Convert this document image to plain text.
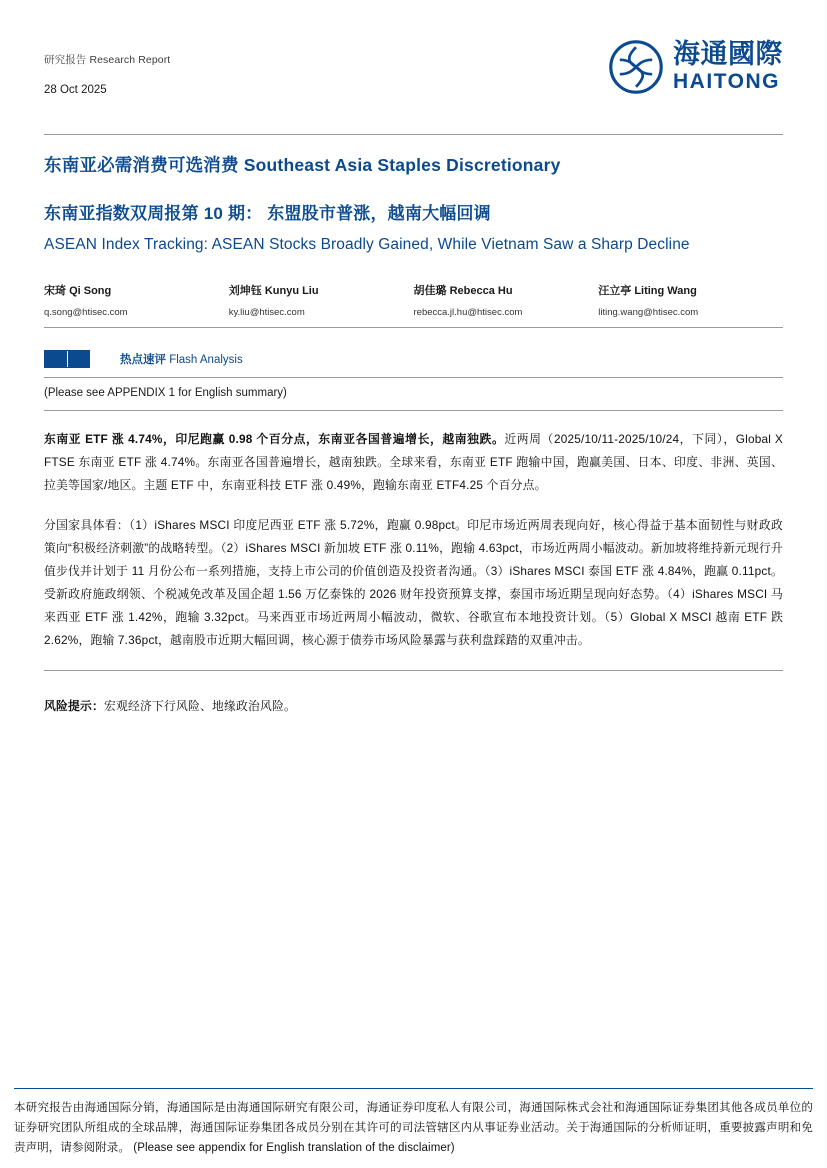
研究报告 Research Report
28 Oct 2025
海通國際
HAITONG
东南亚必需消费可选消费 Southeast Asia Staples Discretionary
东南亚指数双周报第 10 期： 东盟股市普涨，越南大幅回调
ASEAN Index Tracking: ASEAN Stocks Broadly Gained, While Vietnam Saw a Sharp Decline
宋琦 Qi Song
q.song@htisec.com
刘坤钰 Kunyu Liu
ky.liu@htisec.com
胡佳璐 Rebecca Hu
rebecca.jl.hu@htisec.com
汪立亭 Liting Wang
liting.wang@htisec.com
热点速评 Flash Analysis
(Please see APPENDIX 1 for English summary)
东南亚 ETF 涨 4.74%，印尼跑赢 0.98 个百分点，东南亚各国普遍增长，越南独跌。近两周（2025/10/11-2025/10/24，下同），Global X FTSE 东南亚 ETF 涨 4.74%。东南亚各国普遍增长，越南独跌。全球来看，东南亚 ETF 跑输中国，跑赢美国、日本、印度、非洲、英国、拉美等国家/地区。主题 ETF 中，东南亚科技 ETF 涨 0.49%，跑输东南亚 ETF4.25 个百分点。
分国家具体看：（1）iShares MSCI 印度尼西亚 ETF 涨 5.72%，跑赢 0.98pct。印尼市场近两周表现向好，核心得益于基本面韧性与财政政策向“积极经济刺激”的战略转型。（2）iShares MSCI 新加坡 ETF 涨 0.11%，跑输 4.63pct，市场近两周小幅波动。新加坡将维持新元现行升值步伐并计划于 11 月份公布一系列措施，支持上市公司的价值创造及投资者沟通。（3）iShares MSCI 泰国 ETF 涨 4.84%，跑赢 0.11pct。受新政府施政纲领、个税减免改革及国企超 1.56 万亿泰铢的 2026 财年投资预算支撑，泰国市场近期呈现向好态势。（4）iShares MSCI 马来西亚 ETF 涨 1.42%，跑输 3.32pct。马来西亚市场近两周小幅波动，微软、谷歌宣布本地投资计划。（5）Global X MSCI 越南 ETF 跌 2.62%，跑输 7.36pct，越南股市近期大幅回调，核心源于债券市场风险暴露与获利盘踩踏的双重冲击。
风险提示：宏观经济下行风险、地缘政治风险。
本研究报告由海通国际分销，海通国际是由海通国际研究有限公司，海通证券印度私人有限公司，海通国际株式会社和海通国际证券集团其他各成员单位的证券研究团队所组成的全球品牌，海通国际证券集团各成员分别在其许可的司法管辖区内从事证券业活动。关于海通国际的分析师证明，重要披露声明和免责声明，请参阅附录。 (Please see appendix for English translation of the disclaimer)
